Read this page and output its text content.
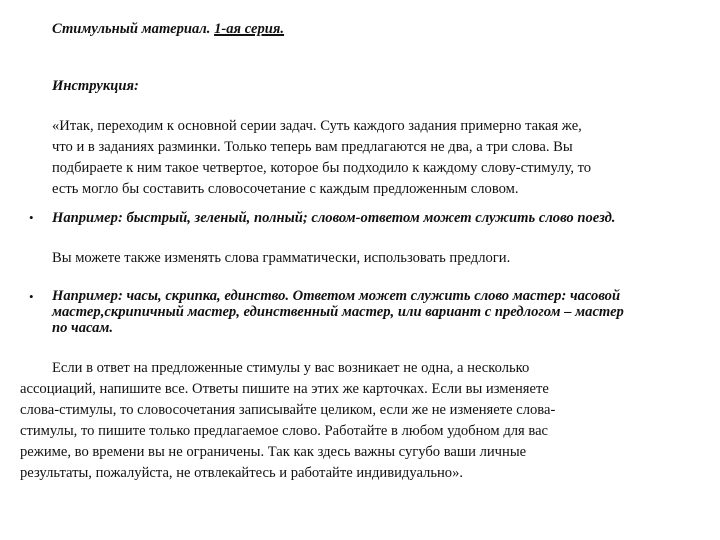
Стимульный материал. 1-ая серия.
Инструкция:
«Итак, переходим к основной серии задач. Суть каждого задания примерно такая же,
что и в заданиях разминки. Только теперь вам предлагаются не два, а три слова. Вы
подбираете к ним такое четвертое, которое бы подходило к каждому слову-стимулу, то
есть могло бы составить словосочетание с каждым предложенным словом.
• Например: быстрый, зеленый, полный; словом-ответом может служить слово поезд.
Вы можете также изменять слова грамматически, использовать предлоги.
• Например: часы, скрипка, единство. Ответом может служить слово мастер: часовой
мастер,скрипичный мастер, единственный мастер, или вариант с предлогом – мастер
по часам.
Если в ответ на предложенные стимулы у вас возникает не одна, а несколько
ассоциаций, напишите все. Ответы пишите на этих же карточках. Если вы изменяете
слова-стимулы, то словосочетания записывайте целиком, если же не изменяете слова-
стимулы, то пишите только предлагаемое слово. Работайте в любом удобном для вас
режиме, во времени вы не ограничены. Так как здесь важны сугубо ваши личные
результаты, пожалуйста, не отвлекайтесь и работайте индивидуально».
